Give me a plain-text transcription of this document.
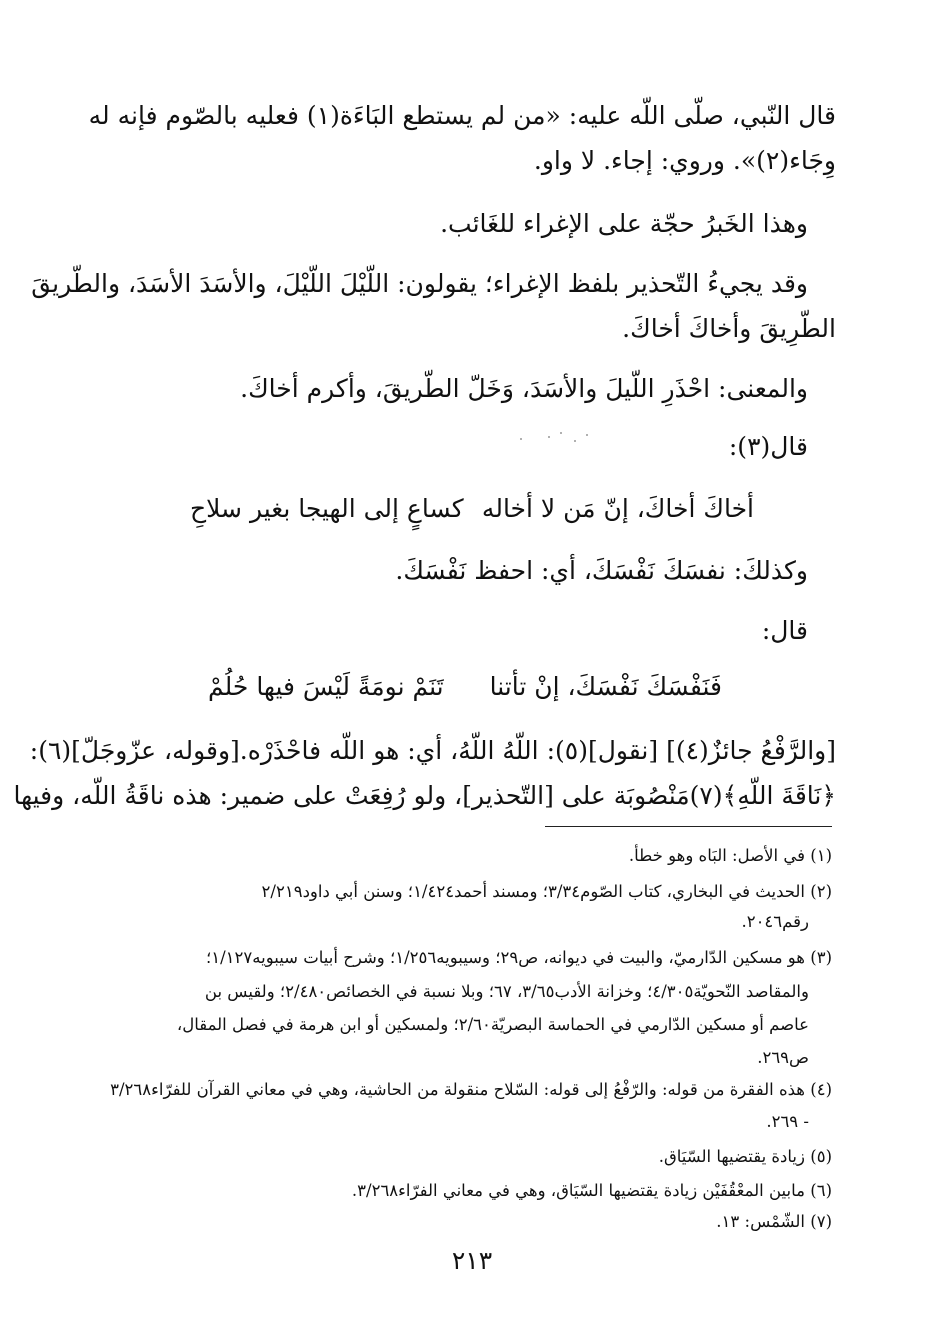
قال النّبي، صلّى اللّه عليه: «من لم يستطع البَاءَة(١) فعليه بالصّوم فإنه له
وِجَاء(٢)». وروي: إجاء. لا واو.
وهذا الخَبرُ حجّة على الإغراء للغَائب.
وقد يجيءُ التّحذير بلفظ الإغراء؛ يقولون: اللّيْلَ اللّيْلَ، والأسَدَ الأسَدَ، والطّريقَ
الطّرِيقَ وأخاكَ أخاكَ.
والمعنى: احْذَرِ اللّيلَ والأسَدَ، وَخَلّ الطّريقَ، وأكرم أخاكَ.
قال(٣):
أخاكَ أخاكَ، إنّ مَن لا أخاله
كساعٍ إلى الهيجا بغير سلاحِ
وكذلكَ: نفسَكَ نَفْسَكَ، أي: احفظ نَفْسَكَ.
قال:
فَنَفْسَكَ نَفْسَكَ، إنْ تأتنا
تَنَمْ نومَةً لَيْسَ فيها حُلُمْ
[والرَّفْعُ جائزٌ(٤)] [نقول](٥): اللّهُ اللّهُ، أي: هو اللّه فاحْذَرْه.[وقوله، عزّوجَلّ](٦):
﴿نَاقَةَ اللّهِ﴾(٧)مَنْصُوبَة على [التّحذير]، ولو رُفِعَتْ على ضمير: هذه ناقَةُ اللّه، وفيها
(١) في الأصل: البَاه وهو خطأ.
(٢) الحديث في البخاري، كتاب الصّوم٣/٣٤؛ ومسند أحمد١/٤٢٤؛ وسنن أبي داود٢/٢١٩
رقم٢٠٤٦.
(٣) هو مسكين الدّارميّ، والبيت في ديوانه، ص٢٩؛ وسيبويه١/٢٥٦؛ وشرح أبيات سيبويه١/١٢٧؛
والمقاصد النّحويّة٤/٣٠٥؛ وخزانة الأدب٣/٦٥، ٦٧؛ وبلا نسبة في الخصائص٢/٤٨٠؛ ولقيس بن
عاصم أو مسكين الدّارمي في الحماسة البصريّة٢/٦٠؛ ولمسكين أو ابن هرمة في فصل المقال،
ص٢٦٩.
(٤) هذه الفقرة من قوله: والرّفْعُ إلى قوله: السّلاح منقولة من الحاشية، وهي في معاني القرآن للفرّاء٣/٢٦٨
- ٢٦٩.
(٥) زيادة يقتضيها السّيَاق.
(٦) مابين المعْقُفَيْن زيادة يقتضيها السّيَاق، وهي في معاني الفرّاء٣/٢٦٨.
(٧) الشّمْس: ١٣.
٢١٣
